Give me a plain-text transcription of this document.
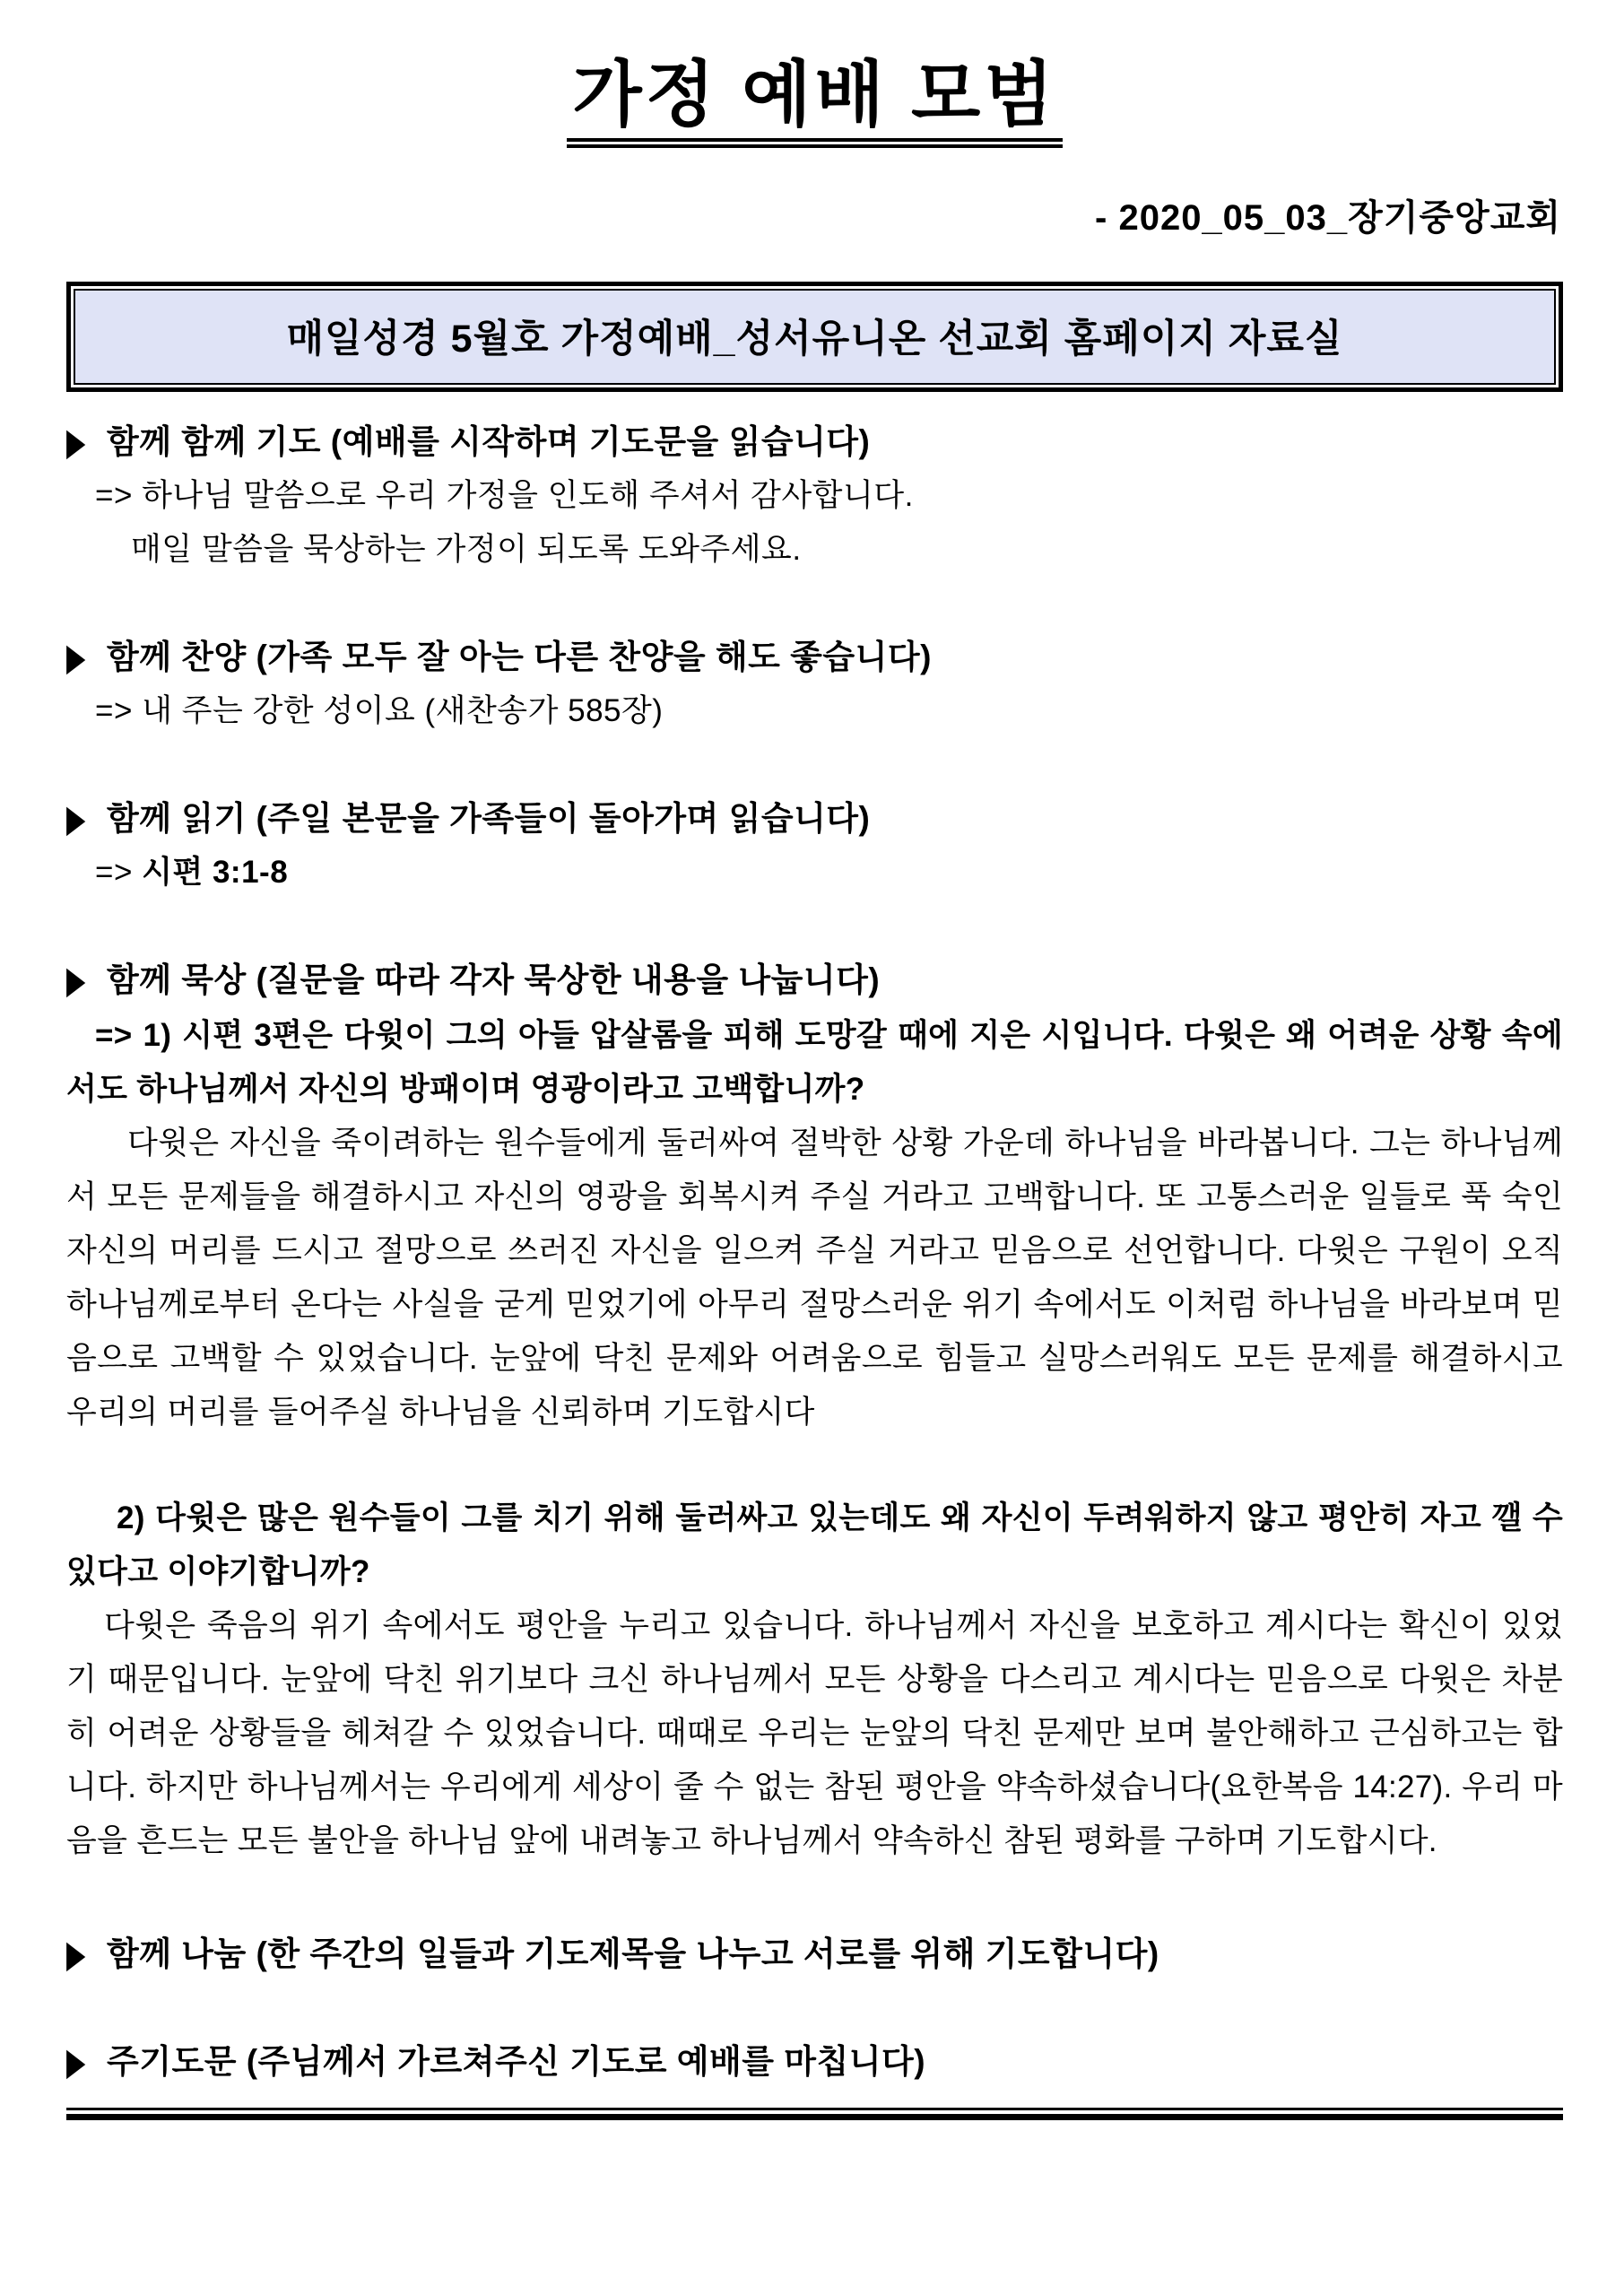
가정 예배 모범
- 2020_05_03_장기중앙교회
매일성경 5월호 가정예배_성서유니온 선교회 홈페이지 자료실
▶ 함께 함께 기도 (예배를 시작하며 기도문을 읽습니다)
=> 하나님 말씀으로 우리 가정을 인도해 주셔서 감사합니다.
매일 말씀을 묵상하는 가정이 되도록 도와주세요.
▶ 함께 찬양 (가족 모두 잘 아는 다른 찬양을 해도 좋습니다)
=> 내 주는 강한 성이요 (새찬송가 585장)
▶ 함께 읽기 (주일 본문을 가족들이 돌아가며 읽습니다)
=> 시편 3:1-8
▶ 함께 묵상 (질문을 따라 각자 묵상한 내용을 나눕니다)

=> 1) 시편 3편은 다윗이 그의 아들 압살롬을 피해 도망갈 때에 지은 시입니다. 다윗은 왜 어려운 상황 속에서도 하나님께서 자신의 방패이며 영광이라고 고백합니까?

다윗은 자신을 죽이려하는 원수들에게 둘러싸여 절박한 상황 가운데 하나님을 바라봅니다. 그는 하나님께서 모든 문제들을 해결하시고 자신의 영광을 회복시켜 주실 거라고 고백합니다. 또 고통스러운 일들로 푹 숙인 자신의 머리를 드시고 절망으로 쓰러진 자신을 일으켜 주실 거라고 믿음으로 선언합니다. 다윗은 구원이 오직 하나님께로부터 온다는 사실을 굳게 믿었기에 아무리 절망스러운 위기 속에서도 이처럼 하나님을 바라보며 믿음으로 고백할 수 있었습니다. 눈앞에 닥친 문제와 어려움으로 힘들고 실망스러워도 모든 문제를 해결하시고 우리의 머리를 들어주실 하나님을 신뢰하며 기도합시다

2) 다윗은 많은 원수들이 그를 치기 위해 둘러싸고 있는데도 왜 자신이 두려워하지 않고 평안히 자고 깰 수 있다고 이야기합니까?

다윗은 죽음의 위기 속에서도 평안을 누리고 있습니다. 하나님께서 자신을 보호하고 계시다는 확신이 있었기 때문입니다. 눈앞에 닥친 위기보다 크신 하나님께서 모든 상황을 다스리고 계시다는 믿음으로 다윗은 차분히 어려운 상황들을 헤쳐갈 수 있었습니다. 때때로 우리는 눈앞의 닥친 문제만 보며 불안해하고 근심하고는 합니다. 하지만 하나님께서는 우리에게 세상이 줄 수 없는 참된 평안을 약속하셨습니다(요한복음 14:27). 우리 마음을 흔드는 모든 불안을 하나님 앞에 내려놓고 하나님께서 약속하신 참된 평화를 구하며 기도합시다.

▶ 함께 나눔 (한 주간의 일들과 기도제목을 나누고 서로를 위해 기도합니다)
▶ 주기도문 (주님께서 가르쳐주신 기도로 예배를 마칩니다)
